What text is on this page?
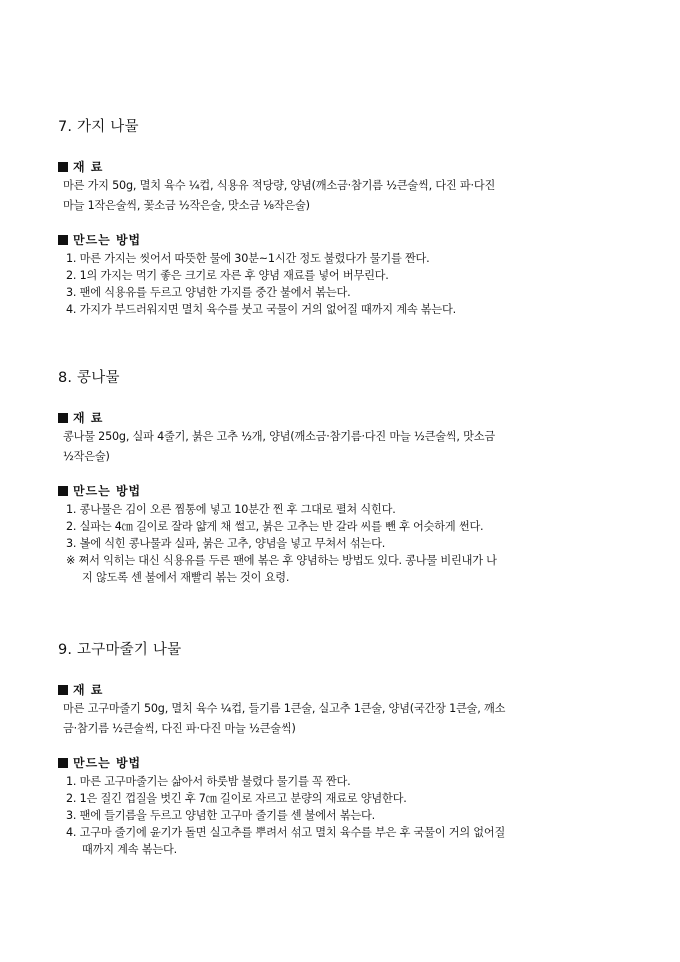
7. 가지 나물
재 료
마른 가지 50g, 멸치 육수 ¼컵, 식용유 적당량, 양념(깨소금·참기름 ½큰술씩, 다진 파·다진
마늘 1작은술씩, 꽃소금 ½작은술, 맛소금 ⅛작은술)
만드는 방법
1. 마른 가지는 씻어서 따뜻한 물에 30분~1시간 정도 불렸다가 물기를 짠다.
2. 1의 가지는 먹기 좋은 크기로 자른 후 양념 재료를 넣어 버무린다.
3. 팬에 식용유를 두르고 양념한 가지를 중간 불에서 볶는다.
4. 가지가 부드러워지면 멸치 육수를 붓고 국물이 거의 없어질 때까지 계속 볶는다.
8. 콩나물
재 료
콩나물 250g, 실파 4줄기, 붉은 고추 ½개, 양념(깨소금·참기름·다진 마늘 ½큰술씩, 맛소금
½작은술)
만드는 방법
1. 콩나물은 김이 오른 찜통에 넣고 10분간 찐 후 그대로 펼쳐 식힌다.
2. 실파는 4㎝ 길이로 잘라 얇게 채 썰고, 붉은 고추는 반 갈라 씨를 뺀 후 어슷하게 썬다.
3. 볼에 식힌 콩나물과 실파, 붉은 고추, 양념을 넣고 무쳐서 섞는다.
※ 쪄서 익히는 대신 식용유를 두른 팬에 볶은 후 양념하는 방법도 있다. 콩나물 비린내가 나
지 않도록 센 불에서 재빨리 볶는 것이 요령.
9. 고구마줄기 나물
재 료
마른 고구마줄기 50g, 멸치 육수 ¼컵, 들기름 1큰술, 실고추 1큰술, 양념(국간장 1큰술, 깨소
금·참기름 ½큰술씩, 다진 파·다진 마늘 ½큰술씩)
만드는 방법
1. 마른 고구마줄기는 삶아서 하룻밤 불렸다 물기를 꼭 짠다.
2. 1은 질긴 껍질을 벗긴 후 7㎝ 길이로 자르고 분량의 재료로 양념한다.
3. 팬에 들기름을 두르고 양념한 고구마 줄기를 센 불에서 볶는다.
4. 고구마 줄기에 윤기가 돌면 실고추를 뿌려서 섞고 멸치 육수를 부은 후 국물이 거의 없어질
때까지 계속 볶는다.
